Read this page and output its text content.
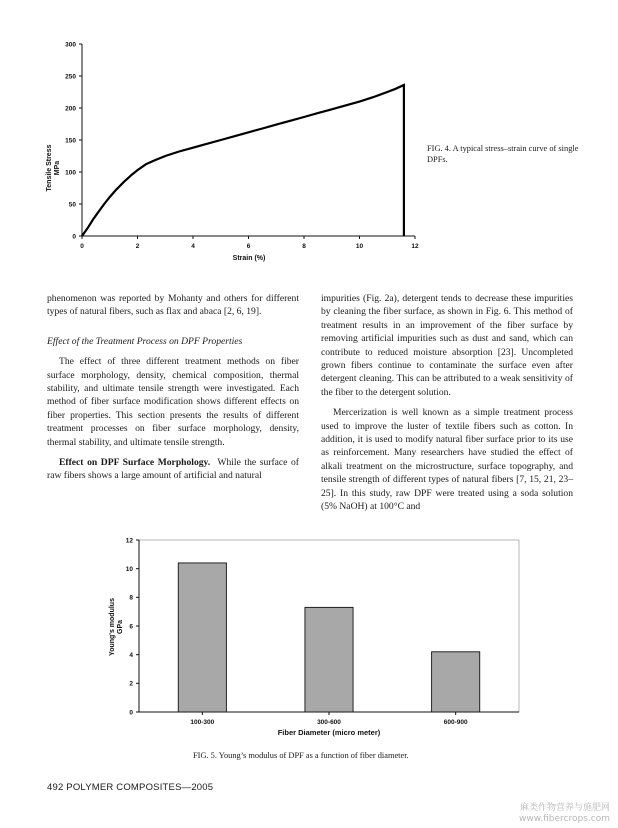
Tensile StressMPa
0	2	4	6	8	10	12
0
50
100
150
200
250
300
Strain (%)
FIG. 4. A typical stress–strain curve of single DPFs.

phenomenon was reported by Mohanty and others for different types of natural fibers, such as flax and abaca [2, 6, 19].

Effect of the Treatment Process on DPF Properties

The effect of three different treatment methods on fiber surface morphology, density, chemical composition, thermal stability, and ultimate tensile strength were investigated. Each method of fiber surface modification shows different effects on fiber properties. This section presents the results of different treatment processes on fiber surface morphology, density, thermal stability, and ultimate tensile strength.

Effect on DPF Surface Morphology. While the surface of raw fibers shows a large amount of artificial and natural

impurities (Fig. 2a), detergent tends to decrease these impurities by cleaning the fiber surface, as shown in Fig. 6. This method of treatment results in an improvement of the fiber surface by removing artificial impurities such as dust and sand, which can contribute to reduced moisture absorption [23]. Uncompleted grown fibers continue to contaminate the surface even after detergent cleaning. This can be attributed to a weak sensitivity of the fiber to the detergent solution.

Mercerization is well known as a simple treatment process used to improve the luster of textile fibers such as cotton. In addition, it is used to modify natural fiber surface prior to its use as reinforcement. Many researchers have studied the effect of alkali treatment on the microstructure, surface topography, and tensile strength of different types of natural fibers [7, 15, 21, 23–25]. In this study, raw DPF were treated using a soda solution (5% NaOH) at 100°C and

Young's modulusGPa
0
2
4
6
8
10
12
100-300	300-600	600-900
Fiber Diameter (micro meter)
FIG. 5. Young’s modulus of DPF as a function of fiber diameter.
492 POLYMER COMPOSITES—2005
麻类作物营养与施肥网
www.fibercrops.com
